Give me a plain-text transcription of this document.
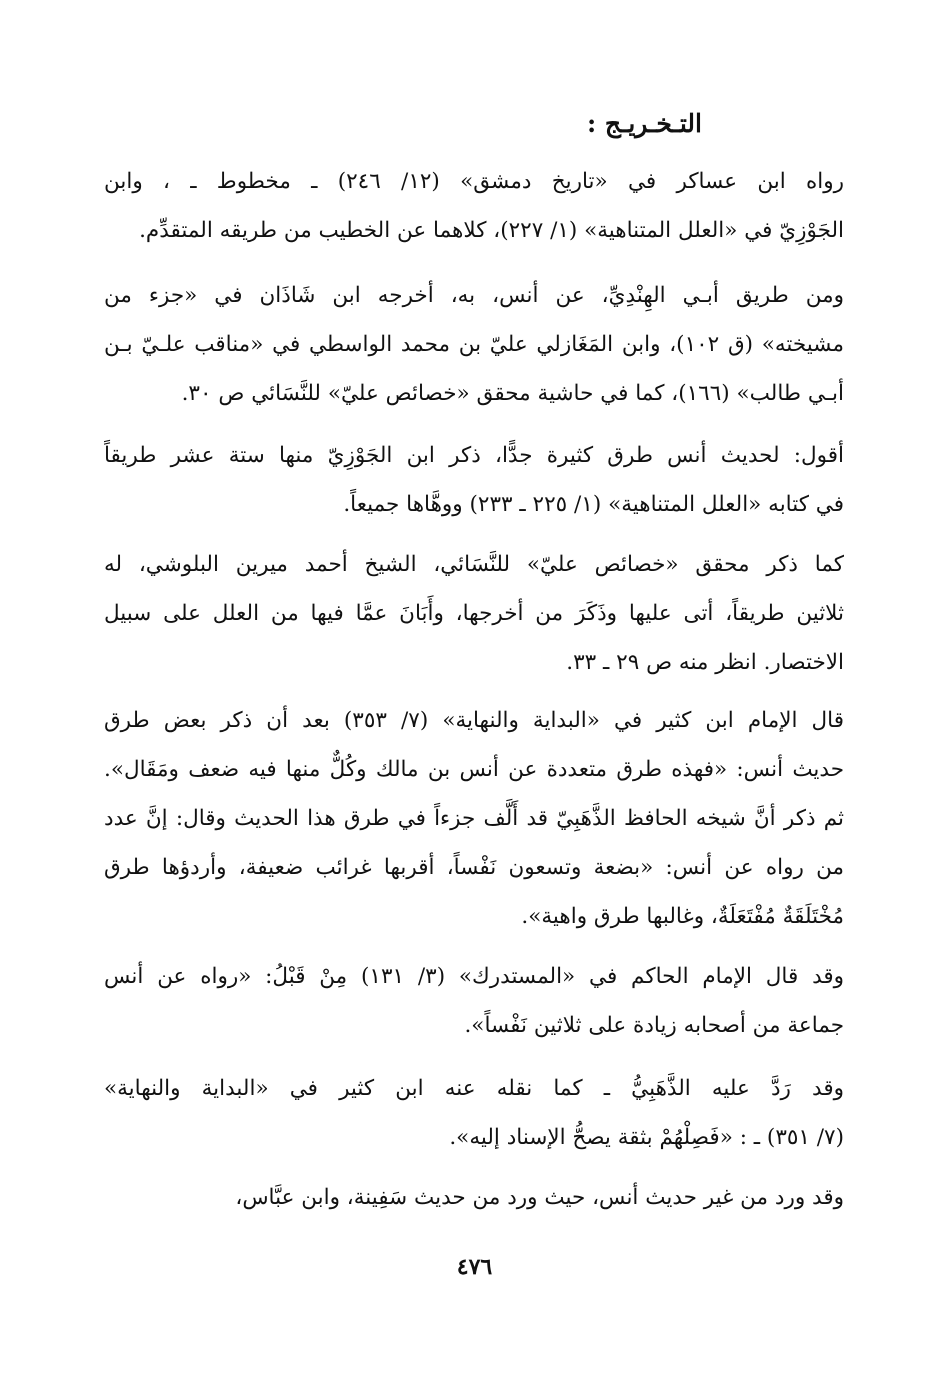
التـخـريـج :
رواه ابن عساكر في «تاريخ دمشق» (١٢/ ٢٤٦) ـ مخطوط ـ ، وابن
الجَوْزِيّ في «العلل المتناهية» (١/ ٢٢٧)، كلاهما عن الخطيب من طريقه المتقدِّم.
ومن طريق أبـي الهِنْدِيِّ، عن أنس، به، أخرجه ابن شَاذَان في «جزء من
مشيخته» (ق ١٠٢)، وابن المَغَازلي عليّ بن محمد الواسطي في «مناقب علـيّ بـن
أبـي طالب» (١٦٦)، كما في حاشية محقق «خصائص عليّ» للنَّسَائي ص ٣٠.
أقول: لحديث أنس طرق كثيرة جدًّا، ذكر ابن الجَوْزِيّ منها ستة عشر طريقاً
في كتابه «العلل المتناهية» (١/ ٢٢٥ ـ ٢٣٣) ووهَّاها جميعاً.
كما ذكر محقق «خصائص عليّ» للنَّسَائي، الشيخ أحمد ميرين البلوشي، له
ثلاثين طريقاً، أتى عليها وذَكَرَ من أخرجها، وأَبَانَ عمَّا فيها من العلل على سبيل
الاختصار. انظر منه ص ٢٩ ـ ٣٣.
قال الإمام ابن كثير في «البداية والنهاية» (٧/ ٣٥٣) بعد أن ذكر بعض طرق
حديث أنس: «فهذه طرق متعددة عن أنس بن مالك وكُلٌّ منها فيه ضعف ومَقَال».
ثم ذكر أنَّ شيخه الحافظ الذَّهَبِيّ قد أَلَّف جزءاً في طرق هذا الحديث وقال: إنَّ عدد
من رواه عن أنس: «بضعة وتسعون نَفْساً، أقربها غرائب ضعيفة، وأردؤها طرق
مُخْتَلَقَةٌ مُفْتَعَلَةٌ، وغالبها طرق واهية».
وقد قال الإمام الحاكم في «المستدرك» (٣/ ١٣١) مِنْ قَبْلُ: «رواه عن أنس
جماعة من أصحابه زيادة على ثلاثين نَفْساً».
وقد رَدَّ عليه الذَّهَبِيُّ ـ كما نقله عنه ابن كثير في «البداية والنهاية»
(٧/ ٣٥١) ـ : «فَصِلْهُمْ بثقة يصحُّ الإسناد إليه».
وقد ورد من غير حديث أنس، حيث ورد من حديث سَفِينة، وابن عبَّاس،
٤٧٦
